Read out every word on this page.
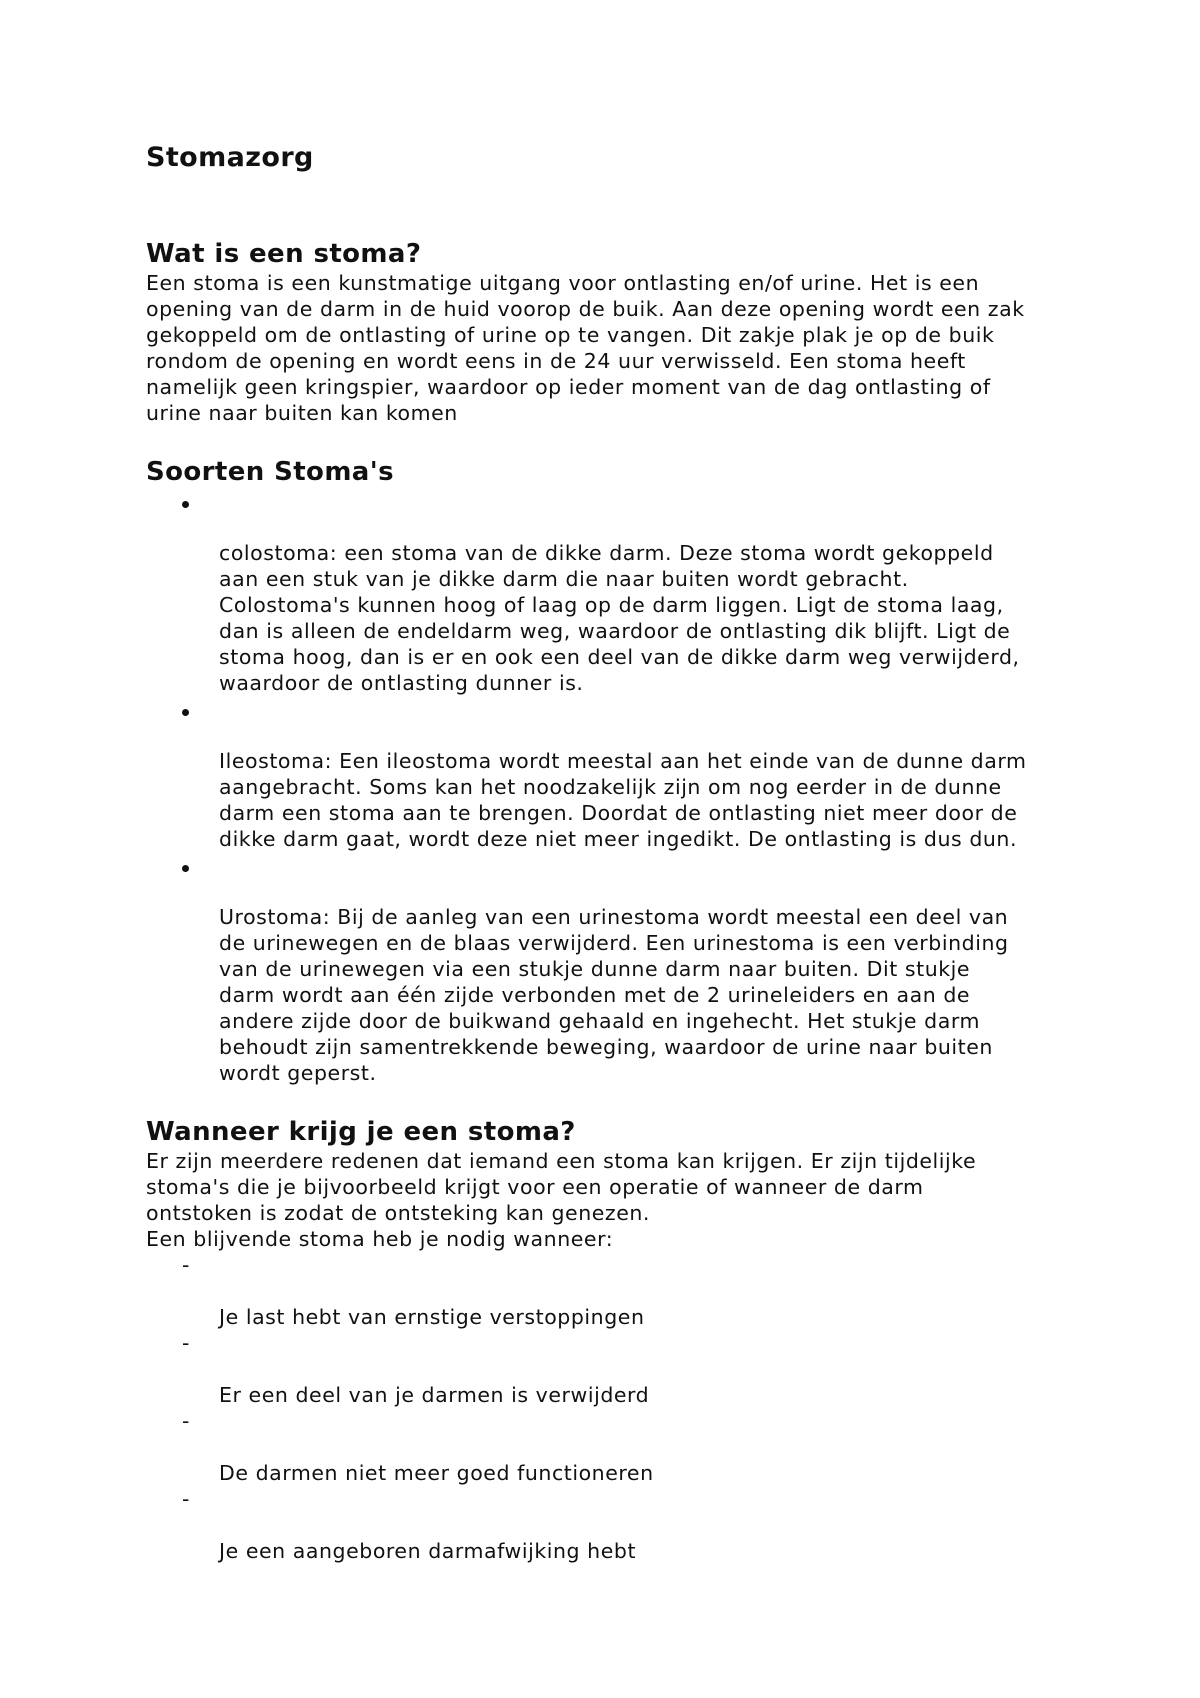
Stomazorg
Wat is een stoma?

Een stoma is een kunstmatige uitgang voor ontlasting en/of urine. Het is een
opening van de darm in de huid voorop de buik. Aan deze opening wordt een zak
gekoppeld om de ontlasting of urine op te vangen. Dit zakje plak je op de buik
rondom de opening en wordt eens in de 24 uur verwisseld. Een stoma heeft
namelijk geen kringspier, waardoor op ieder moment van de dag ontlasting of
urine naar buiten kan komen

Soorten Stoma's

colostoma: een stoma van de dikke darm. Deze stoma wordt gekoppeld
aan een stuk van je dikke darm die naar buiten wordt gebracht.
Colostoma's kunnen hoog of laag op de darm liggen. Ligt de stoma laag,
dan is alleen de endeldarm weg, waardoor de ontlasting dik blijft. Ligt de
stoma hoog, dan is er en ook een deel van de dikke darm weg verwijderd,
waardoor de ontlasting dunner is.

Ileostoma: Een ileostoma wordt meestal aan het einde van de dunne darm
aangebracht. Soms kan het noodzakelijk zijn om nog eerder in de dunne
darm een stoma aan te brengen. Doordat de ontlasting niet meer door de
dikke darm gaat, wordt deze niet meer ingedikt. De ontlasting is dus dun.

Urostoma: Bij de aanleg van een urinestoma wordt meestal een deel van
de urinewegen en de blaas verwijderd. Een urinestoma is een verbinding
van de urinewegen via een stukje dunne darm naar buiten. Dit stukje
darm wordt aan één zijde verbonden met de 2 urineleiders en aan de
andere zijde door de buikwand gehaald en ingehecht. Het stukje darm
behoudt zijn samentrekkende beweging, waardoor de urine naar buiten
wordt geperst.

Wanneer krijg je een stoma?

Er zijn meerdere redenen dat iemand een stoma kan krijgen. Er zijn tijdelijke
stoma's die je bijvoorbeeld krijgt voor een operatie of wanneer de darm
ontstoken is zodat de ontsteking kan genezen.
Een blijvende stoma heb je nodig wanneer:

-

Je last hebt van ernstige verstoppingen

-

Er een deel van je darmen is verwijderd

-

De darmen niet meer goed functioneren

-

Je een aangeboren darmafwijking hebt
